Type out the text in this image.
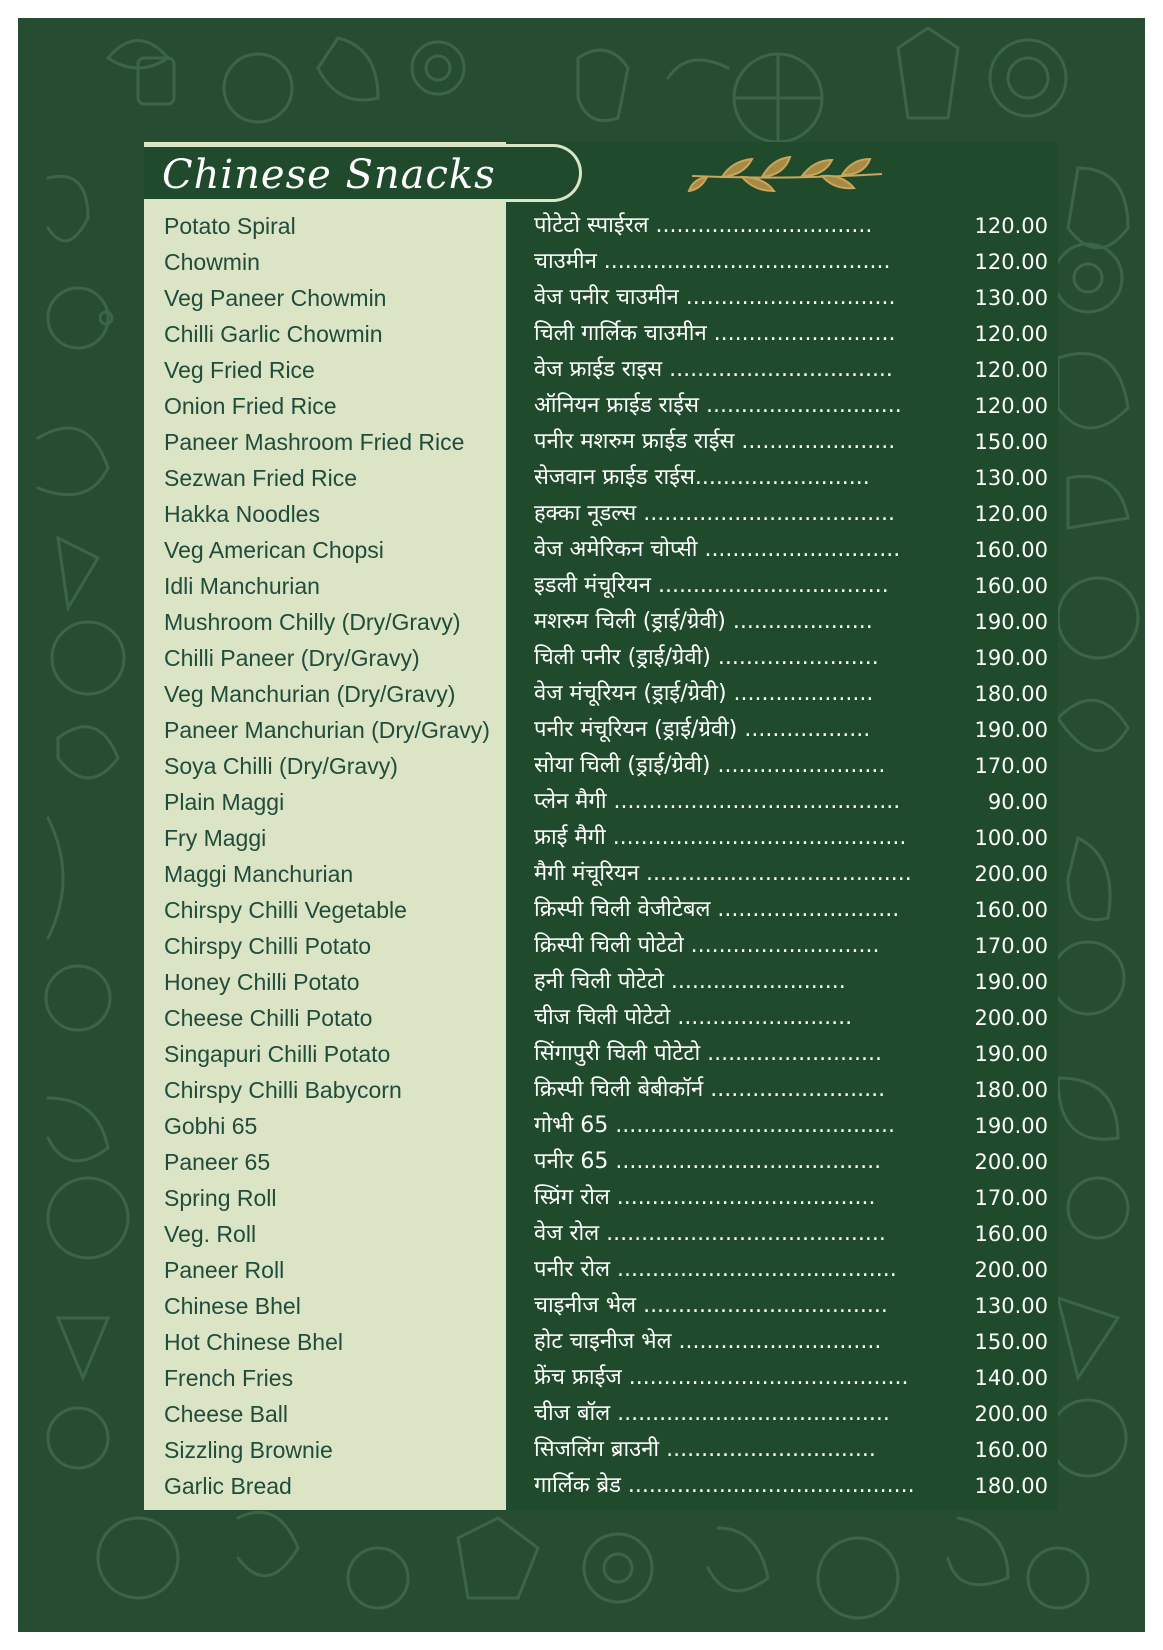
Chinese Snacks
Potato Spiral	पोटेटो स्पाईरल ...............................	120.00
Chowmin	चाउमीन .........................................	120.00
Veg Paneer Chowmin	वेज पनीर चाउमीन ..............................	130.00
Chilli Garlic Chowmin	चिली गार्लिक चाउमीन ..........................	120.00
Veg Fried Rice	वेज फ्राईड राइस ................................	120.00
Onion Fried Rice	ऑनियन फ्राईड राईस ............................	120.00
Paneer Mashroom Fried Rice	पनीर मशरुम फ्राईड राईस ......................	150.00
Sezwan Fried Rice	सेजवान फ्राईड राईस.........................	130.00
Hakka Noodles	हक्का नूडल्स ....................................	120.00
Veg American Chopsi	वेज अमेरिकन चोप्सी ............................	160.00
Idli Manchurian	इडली मंचूरियन .................................	160.00
Mushroom Chilly (Dry/Gravy)	मशरुम चिली (ड्राई/ग्रेवी) ....................	190.00
Chilli Paneer (Dry/Gravy)	चिली पनीर (ड्राई/ग्रेवी) .......................	190.00
Veg Manchurian (Dry/Gravy)	वेज मंचूरियन (ड्राई/ग्रेवी) ....................	180.00
Paneer Manchurian (Dry/Gravy) पनीर मंचूरियन (ड्राई/ग्रेवी) ..................	190.00
Soya Chilli (Dry/Gravy)	सोया चिली (ड्राई/ग्रेवी) ........................	170.00
Plain Maggi	प्लेन मैगी .........................................	90.00
Fry Maggi	फ्राई मैगी ..........................................	100.00
Maggi Manchurian	मैगी मंचूरियन ......................................	200.00
Chirspy Chilli Vegetable	क्रिस्पी चिली वेजीटेबल ..........................	160.00
Chirspy Chilli Potato	क्रिस्पी चिली पोटेटो ...........................	170.00
Honey Chilli Potato	हनी चिली पोटेटो .........................	190.00
Cheese Chilli Potato	चीज चिली पोटेटो .........................	200.00
Singapuri Chilli Potato	सिंगापुरी चिली पोटेटो .........................	190.00
Chirspy Chilli Babycorn	क्रिस्पी चिली बेबीकॉर्न .........................	180.00
Gobhi 65	गोभी 65 ........................................	190.00
Paneer 65	पनीर 65 ......................................	200.00
Spring Roll	स्प्रिंग रोल .....................................	170.00
Veg. Roll	वेज रोल ........................................	160.00
Paneer Roll	पनीर रोल ........................................	200.00
Chinese Bhel	चाइनीज भेल ...................................	130.00
Hot Chinese Bhel	होट चाइनीज भेल .............................	150.00
French Fries	फ्रेंच फ्राईज ........................................	140.00
Cheese Ball	चीज बॉल .......................................	200.00
Sizzling Brownie	सिजलिंग ब्राउनी ..............................	160.00
Garlic Bread	गार्लिक ब्रेड .........................................	180.00
